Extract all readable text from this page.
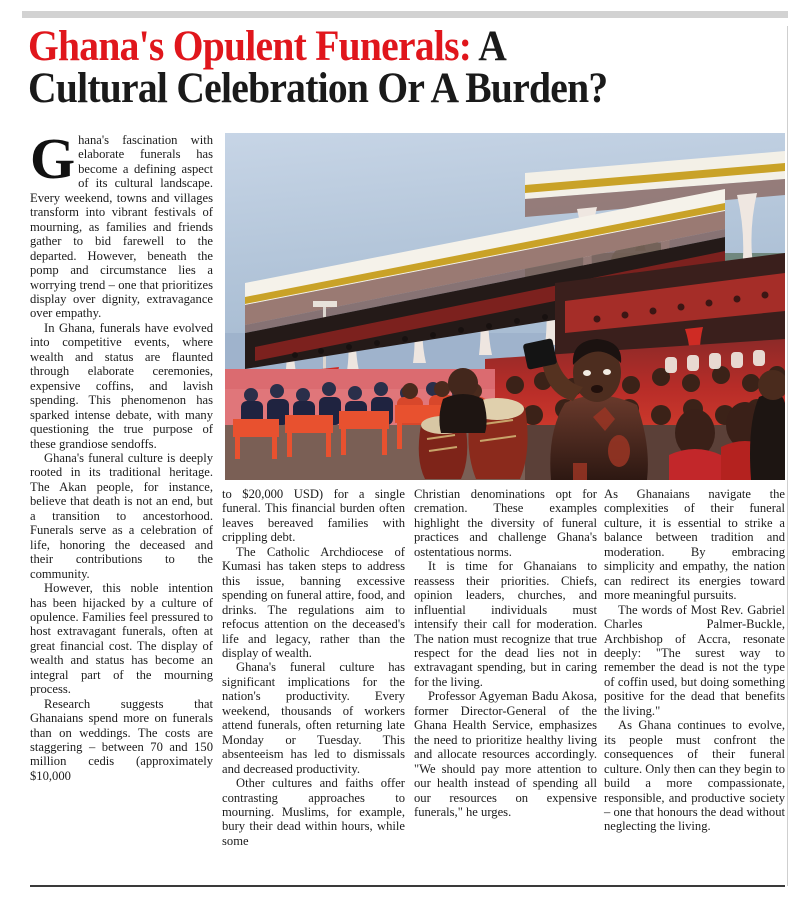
Ghana's Opulent Funerals: A
Cultural Celebration Or A Burden?

Ghana's fascination with elaborate funerals has become a defining aspect of its cultural landscape. Every weekend, towns and villages transform into vibrant festivals of mourning, as families and friends gather to bid farewell to the departed. However, beneath the pomp and circumstance lies a worrying trend – one that prioritizes display over dignity, extravagance over empathy.

In Ghana, funerals have evolved into competitive events, where wealth and status are flaunted through elaborate ceremonies, expensive coffins, and lavish spending. This phenomenon has sparked intense debate, with many questioning the true purpose of these grandiose sendoffs.

Ghana's funeral culture is deeply rooted in its traditional heritage. The Akan people, for instance, believe that death is not an end, but a transition to ancestorhood. Funerals serve as a celebration of life, honoring the deceased and their contributions to the community.

However, this noble intention has been hijacked by a culture of opulence. Families feel pressured to host extravagant funerals, often at great financial cost. The display of wealth and status has become an integral part of the mourning process.

Research suggests that Ghanaians spend more on funerals than on weddings. The costs are staggering – between 70 and 150 million cedis (approximately $10,000

to $20,000 USD) for a single funeral. This financial burden often leaves bereaved families with crippling debt.

The Catholic Archdiocese of Kumasi has taken steps to address this issue, banning excessive spending on funeral attire, food, and drinks. The regulations aim to refocus attention on the deceased's life and legacy, rather than the display of wealth.

Ghana's funeral culture has significant implications for the nation's productivity. Every weekend, thousands of workers attend funerals, often returning late Monday or Tuesday. This absenteeism has led to dismissals and decreased productivity.

Other cultures and faiths offer contrasting approaches to mourning. Muslims, for example, bury their dead within hours, while some

Christian denominations opt for cremation. These examples highlight the diversity of funeral practices and challenge Ghana's ostentatious norms.

It is time for Ghanaians to reassess their priorities. Chiefs, opinion leaders, churches, and influential individuals must intensify their call for moderation. The nation must recognize that true respect for the dead lies not in extravagant spending, but in caring for the living.

Professor Agyeman Badu Akosa, former Director-General of the Ghana Health Service, emphasizes the need to prioritize healthy living and allocate resources accordingly. "We should pay more attention to our health instead of spending all our resources on expensive funerals," he urges.

As Ghanaians navigate the complexities of their funeral culture, it is essential to strike a balance between tradition and moderation. By embracing simplicity and empathy, the nation can redirect its energies toward more meaningful pursuits.

The words of Most Rev. Gabriel Charles Palmer-Buckle, Archbishop of Accra, resonate deeply: "The surest way to remember the dead is not the type of coffin used, but doing something positive for the dead that benefits the living."

As Ghana continues to evolve, its people must confront the consequences of their funeral culture. Only then can they begin to build a more compassionate, responsible, and productive society – one that honours the dead without neglecting the living.
